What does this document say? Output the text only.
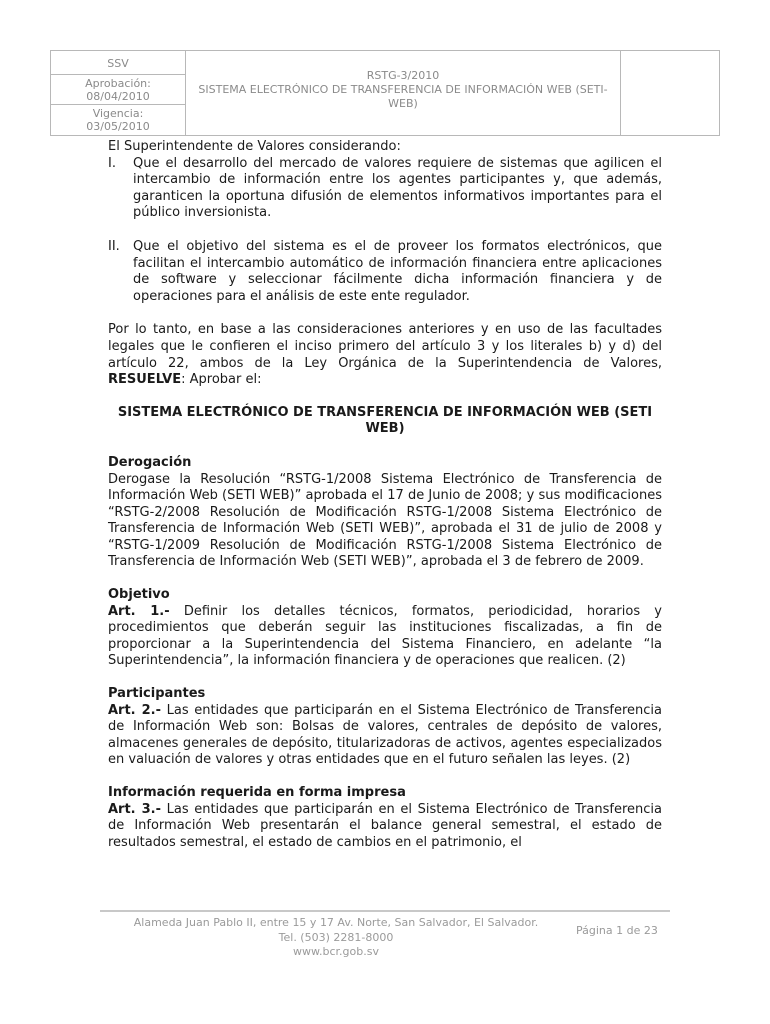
SSV
Aprobación:
08/04/2010
Vigencia:
03/05/2010
RSTG-3/2010
SISTEMA ELECTRÓNICO DE TRANSFERENCIA DE INFORMACIÓN WEB (SETI-WEB)

El Superintendente de Valores considerando:

I. Que el desarrollo del mercado de valores requiere de sistemas que agilicen el intercambio de información entre los agentes participantes y, que además, garanticen la oportuna difusión de elementos informativos importantes para el público inversionista.

II. Que el objetivo del sistema es el de proveer los formatos electrónicos, que facilitan el intercambio automático de información financiera entre aplicaciones de software y seleccionar fácilmente dicha información financiera y de operaciones para el análisis de este ente regulador.

Por lo tanto, en base a las consideraciones anteriores y en uso de las facultades legales que le confieren el inciso primero del artículo 3 y los literales b) y d) del artículo 22, ambos de la Ley Orgánica de la Superintendencia de Valores, RESUELVE: Aprobar el:

SISTEMA ELECTRÓNICO DE TRANSFERENCIA DE INFORMACIÓN WEB (SETI WEB)

Derogación

Derogase la Resolución “RSTG-1/2008 Sistema Electrónico de Transferencia de Información Web (SETI WEB)” aprobada el 17 de Junio de 2008; y sus modificaciones “RSTG-2/2008 Resolución de Modificación RSTG-1/2008 Sistema Electrónico de Transferencia de Información Web (SETI WEB)”, aprobada el 31 de julio de 2008 y “RSTG-1/2009 Resolución de Modificación RSTG-1/2008 Sistema Electrónico de Transferencia de Información Web (SETI WEB)”, aprobada el 3 de febrero de 2009.

Objetivo

Art. 1.- Definir los detalles técnicos, formatos, periodicidad, horarios y procedimientos que deberán seguir las instituciones fiscalizadas, a fin de proporcionar a la Superintendencia del Sistema Financiero, en adelante “la Superintendencia”, la información financiera y de operaciones que realicen. (2)

Participantes

Art. 2.- Las entidades que participarán en el Sistema Electrónico de Transferencia de Información Web son: Bolsas de valores, centrales de depósito de valores, almacenes generales de depósito, titularizadoras de activos, agentes especializados en valuación de valores y otras entidades que en el futuro señalen las leyes. (2)

Información requerida en forma impresa

Art. 3.- Las entidades que participarán en el Sistema Electrónico de Transferencia de Información Web presentarán el balance general semestral, el estado de resultados semestral, el estado de cambios en el patrimonio, el

Alameda Juan Pablo II, entre 15 y 17 Av. Norte, San Salvador, El Salvador.
Tel. (503) 2281-8000
www.bcr.gob.sv
Página 1 de 23
